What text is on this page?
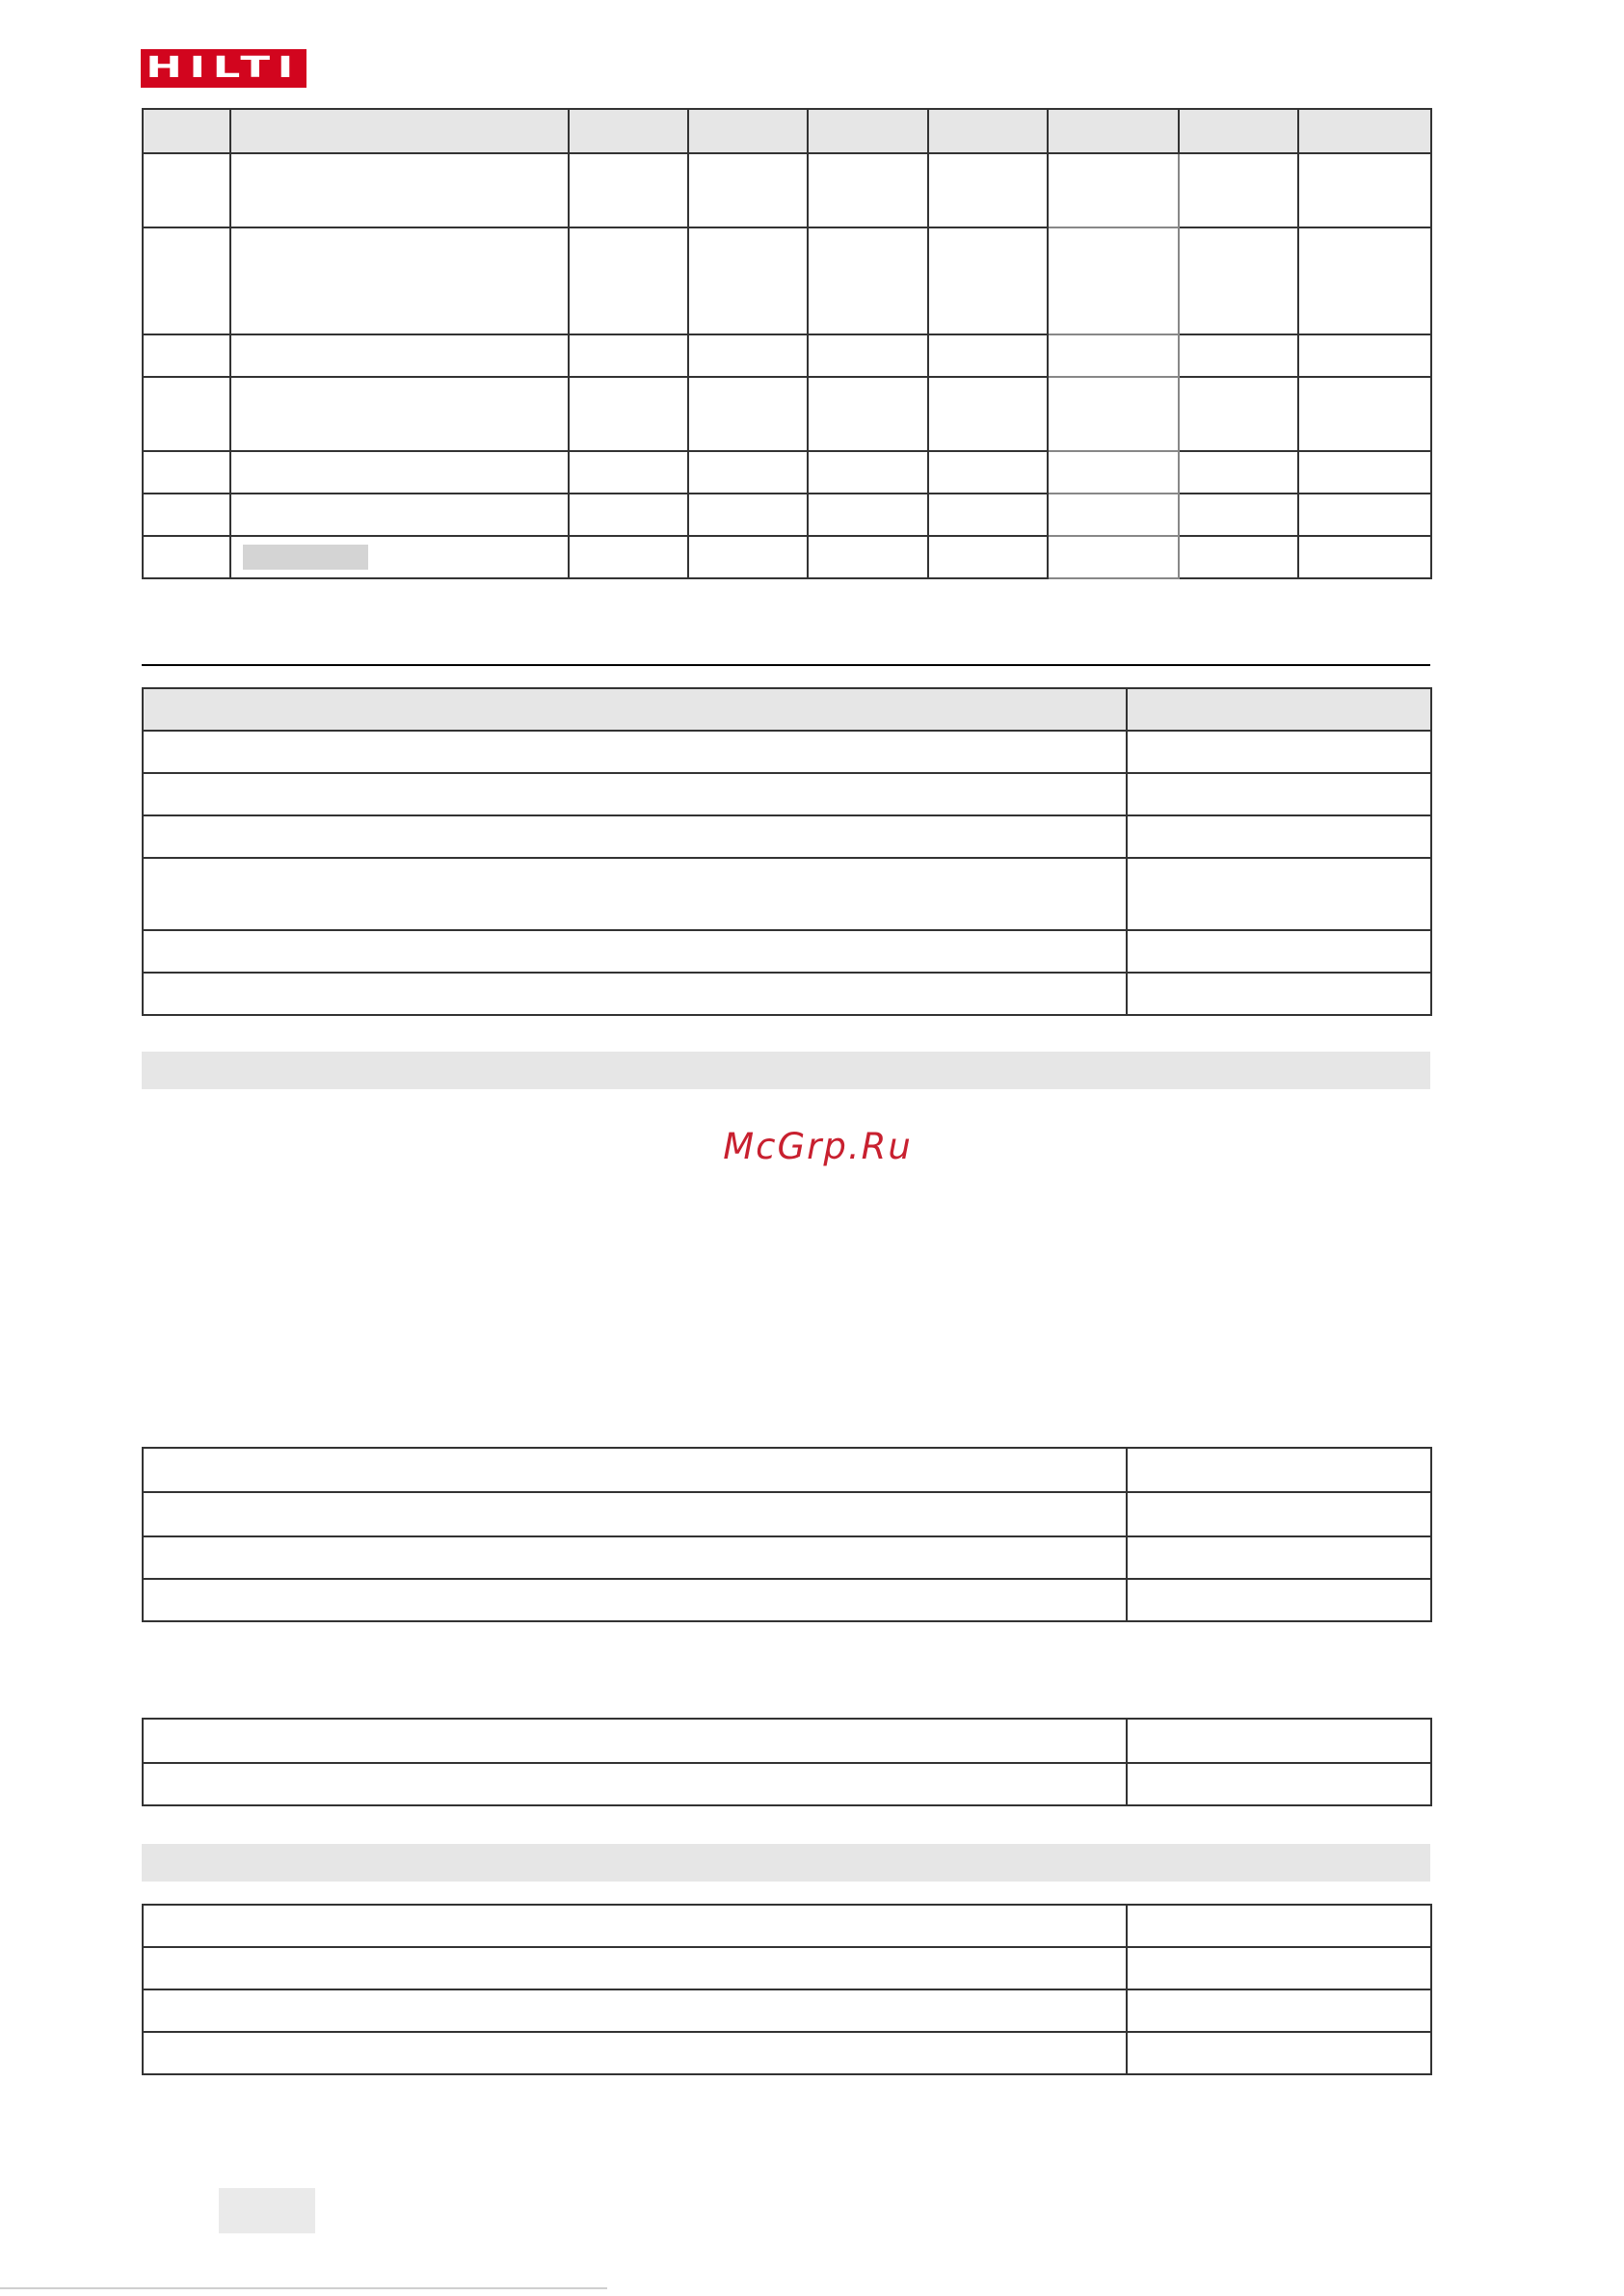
HILTI

McGrp.Ru
